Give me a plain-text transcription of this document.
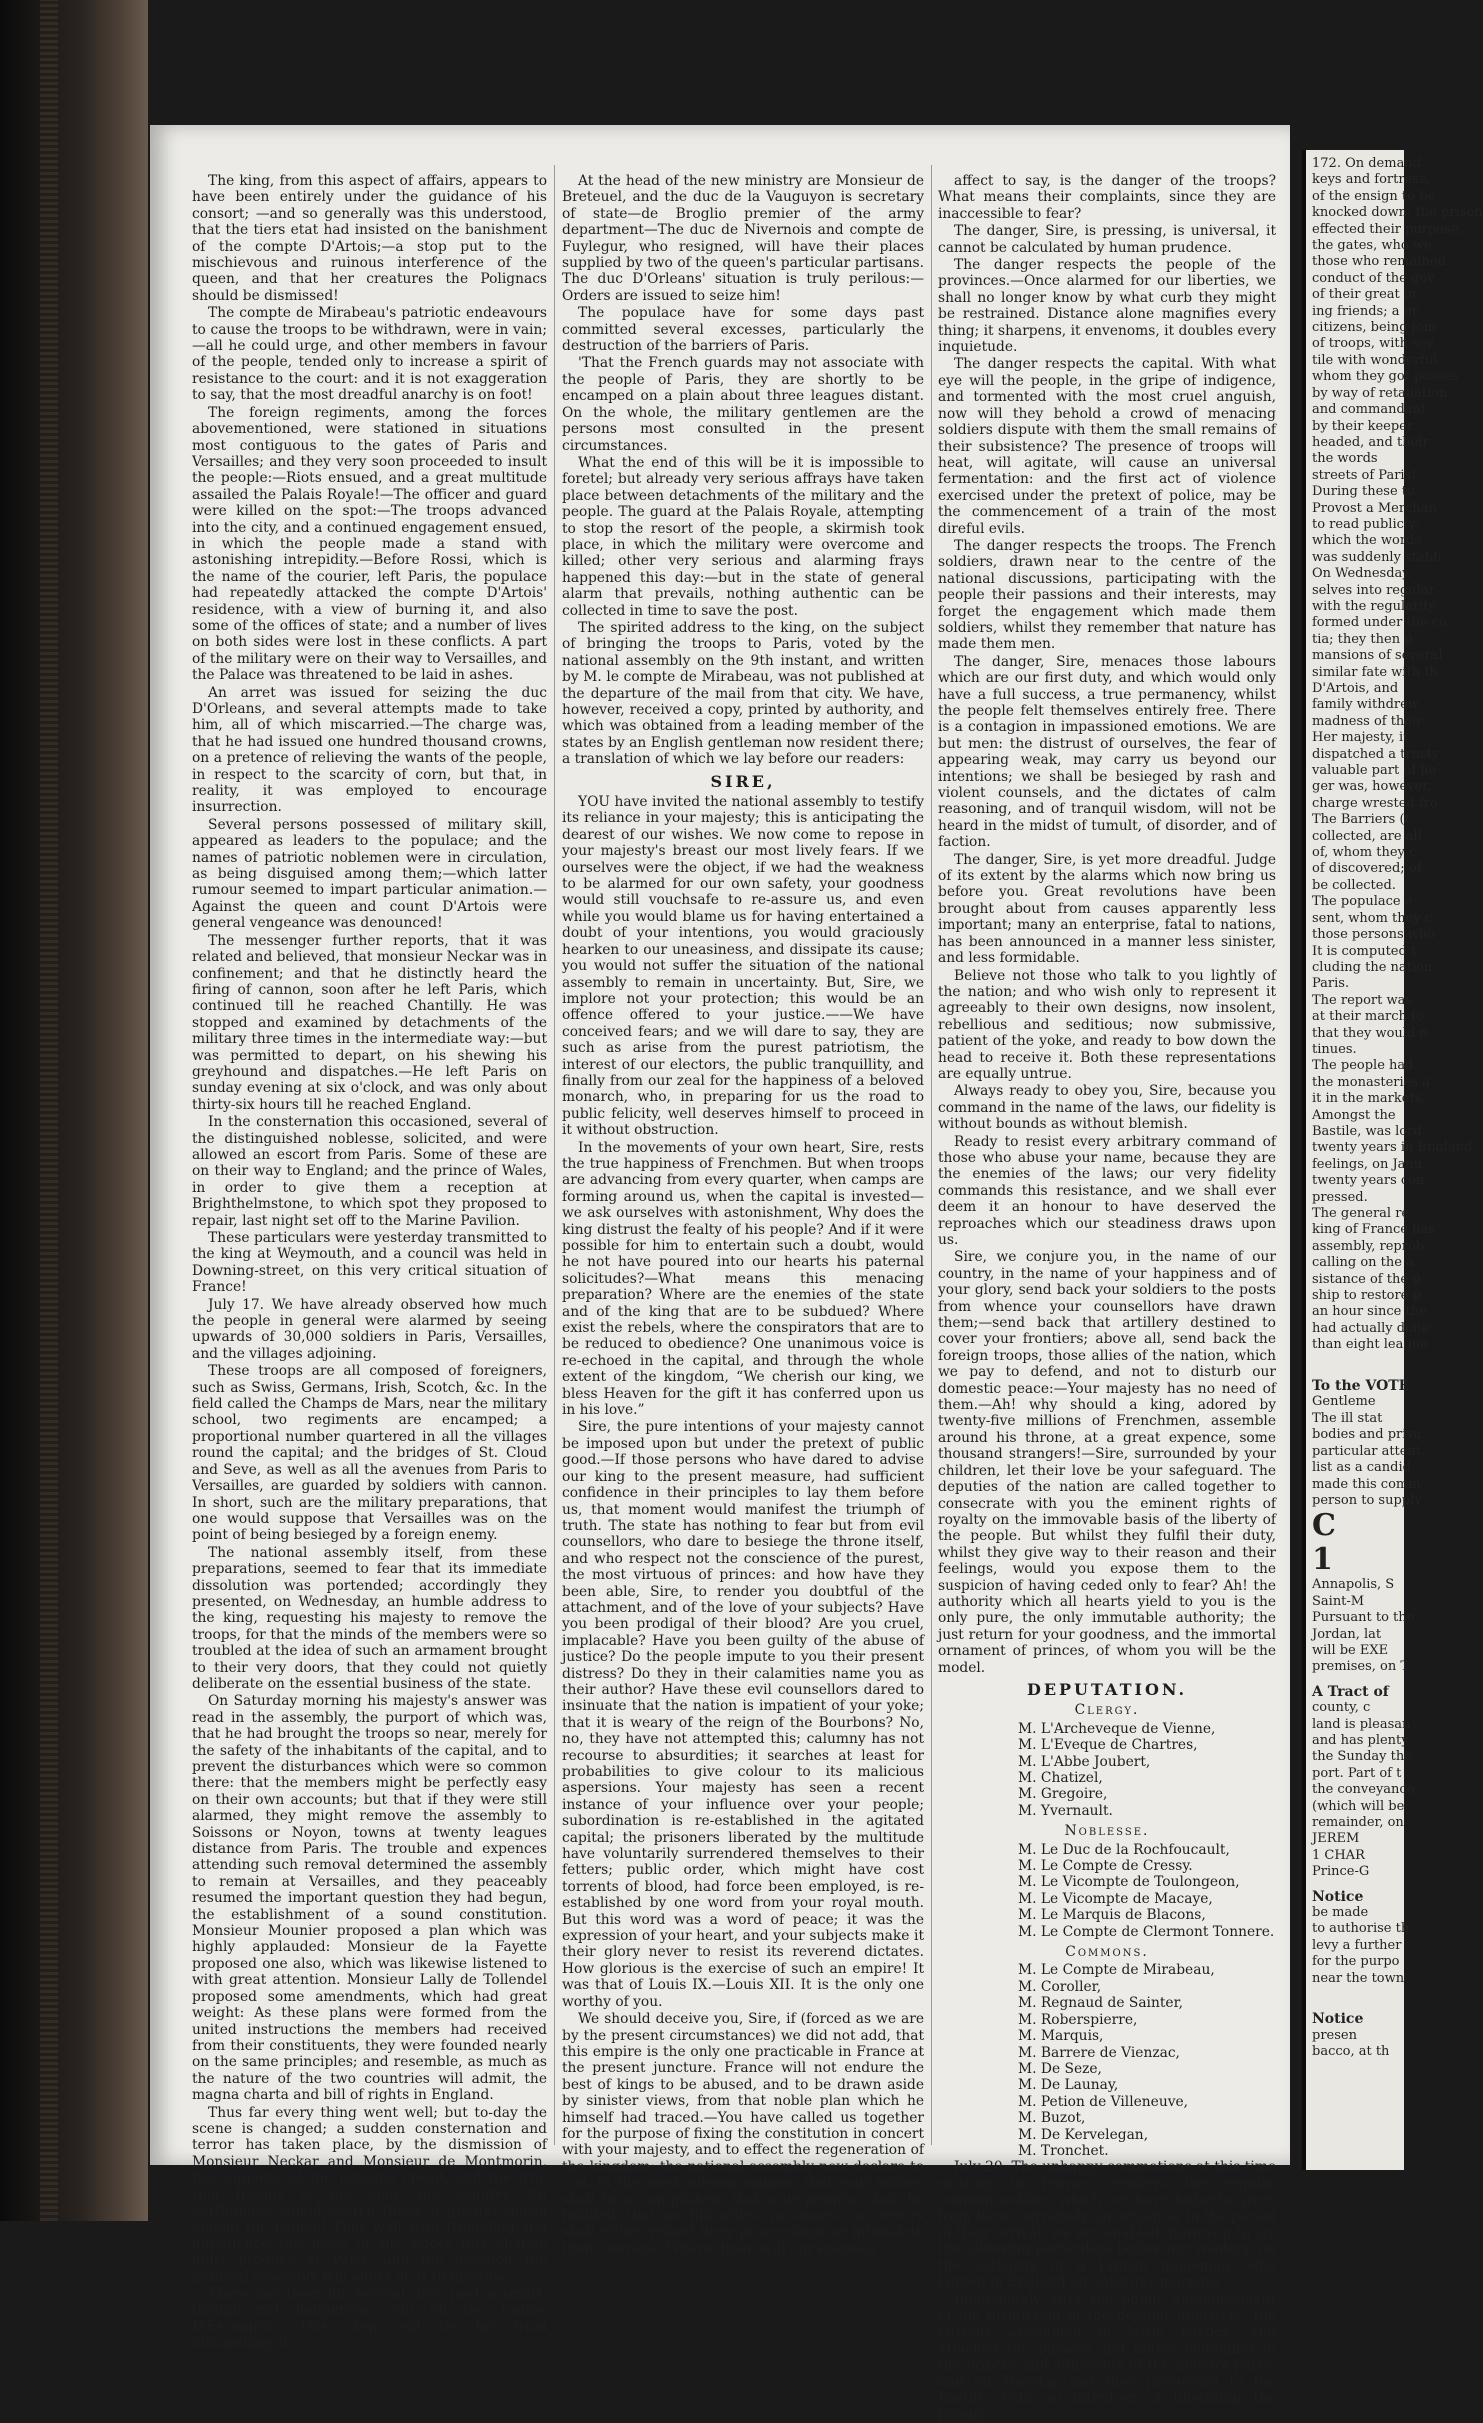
The king, from this aspect of affairs, appears to have been entirely under the guidance of his consort; —and so generally was this understood, that the tiers etat had insisted on the banishment of the compte D'Artois;—a stop put to the mischievous and ruinous interference of the queen, and that her creatures the Polignacs should be dismissed!

The compte de Mirabeau's patriotic endeavours to cause the troops to be withdrawn, were in vain;—all he could urge, and other members in favour of the people, tended only to increase a spirit of resistance to the court: and it is not exaggeration to say, that the most dreadful anarchy is on foot!

The foreign regiments, among the forces abovementioned, were stationed in situations most contiguous to the gates of Paris and Versailles; and they very soon proceeded to insult the people:—Riots ensued, and a great multitude assailed the Palais Royale!—The officer and guard were killed on the spot:—The troops advanced into the city, and a continued engagement ensued, in which the people made a stand with astonishing intrepidity.—Before Rossi, which is the name of the courier, left Paris, the populace had repeatedly attacked the compte D'Artois' residence, with a view of burning it, and also some of the offices of state; and a number of lives on both sides were lost in these conflicts. A part of the military were on their way to Versailles, and the Palace was threatened to be laid in ashes.

An arret was issued for seizing the duc D'Orleans, and several attempts made to take him, all of which miscarried.—The charge was, that he had issued one hundred thousand crowns, on a pretence of relieving the wants of the people, in respect to the scarcity of corn, but that, in reality, it was employed to encourage insurrection.

Several persons possessed of military skill, appeared as leaders to the populace; and the names of patriotic noblemen were in circulation, as being disguised among them;—which latter rumour seemed to impart particular animation.—Against the queen and count D'Artois were general vengeance was denounced!

The messenger further reports, that it was related and believed, that monsieur Neckar was in confinement; and that he distinctly heard the firing of cannon, soon after he left Paris, which continued till he reached Chantilly. He was stopped and examined by detachments of the military three times in the intermediate way:—but was permitted to depart, on his shewing his greyhound and dispatches.—He left Paris on sunday evening at six o'clock, and was only about thirty-six hours till he reached England.

In the consternation this occasioned, several of the distinguished noblesse, solicited, and were allowed an escort from Paris. Some of these are on their way to England; and the prince of Wales, in order to give them a reception at Brighthelmstone, to which spot they proposed to repair, last night set off to the Marine Pavilion.

These particulars were yesterday transmitted to the king at Weymouth, and a council was held in Downing-street, on this very critical situation of France!

July 17. We have already observed how much the people in general were alarmed by seeing upwards of 30,000 soldiers in Paris, Versailles, and the villages adjoining.

These troops are all composed of foreigners, such as Swiss, Germans, Irish, Scotch, &c. In the field called the Champs de Mars, near the military school, two regiments are encamped; a proportional number quartered in all the villages round the capital; and the bridges of St. Cloud and Seve, as well as all the avenues from Paris to Versailles, are guarded by soldiers with cannon. In short, such are the military preparations, that one would suppose that Versailles was on the point of being besieged by a foreign enemy.

The national assembly itself, from these preparations, seemed to fear that its immediate dissolution was portended; accordingly they presented, on Wednesday, an humble address to the king, requesting his majesty to remove the troops, for that the minds of the members were so troubled at the idea of such an armament brought to their very doors, that they could not quietly deliberate on the essential business of the state.

On Saturday morning his majesty's answer was read in the assembly, the purport of which was, that he had brought the troops so near, merely for the safety of the inhabitants of the capital, and to prevent the disturbances which were so common there: that the members might be perfectly easy on their own accounts; but that if they were still alarmed, they might remove the assembly to Soissons or Noyon, towns at twenty leagues distance from Paris. The trouble and expences attending such removal determined the assembly to remain at Versailles, and they peaceably resumed the important question they had begun, the establishment of a sound constitution. Monsieur Mounier proposed a plan which was highly applauded: Monsieur de la Fayette proposed one also, which was likewise listened to with great attention. Monsieur Lally de Tollendel proposed some amendments, which had great weight: As these plans were formed from the united instructions the members had received from their constituents, they were founded nearly on the same principles; and resemble, as much as the nature of the two countries will admit, the magna charta and bill of rights in England.

Thus far every thing went well; but to-day the scene is changed; a sudden consternation and terror has taken place, by the dismission of Monsieur Neckar and Monsieur de Montmorin, the supports of the national credit, and the true real friends of the king and country. An earthquake would scarce throw a greater alarm among the people! They wait with trembling and impatience the news of the effect this change must produce at Paris, and the decision the national assembly will adopt on it to-morrow.

There has been for several days past a smart, though not dangerous, run on the Caisse D'Escompte. This step will be far from diminishing it.

At the head of the new ministry are Monsieur de Breteuel, and the duc de la Vauguyon is secretary of state—de Broglio premier of the army department—The duc de Nivernois and compte de Fuylegur, who resigned, will have their places supplied by two of the queen's particular partisans. The duc D'Orleans' situation is truly perilous:—Orders are issued to seize him!

The populace have for some days past committed several excesses, particularly the destruction of the barriers of Paris.

'That the French guards may not associate with the people of Paris, they are shortly to be encamped on a plain about three leagues distant. On the whole, the military gentlemen are the persons most consulted in the present circumstances.

What the end of this will be it is impossible to foretel; but already very serious affrays have taken place between detachments of the military and the people. The guard at the Palais Royale, attempting to stop the resort of the people, a skirmish took place, in which the military were overcome and killed; other very serious and alarming frays happened this day:—but in the state of general alarm that prevails, nothing authentic can be collected in time to save the post.

The spirited address to the king, on the subject of bringing the troops to Paris, voted by the national assembly on the 9th instant, and written by M. le compte de Mirabeau, was not published at the departure of the mail from that city. We have, however, received a copy, printed by authority, and which was obtained from a leading member of the states by an English gentleman now resident there; a translation of which we lay before our readers:

SIRE,

YOU have invited the national assembly to testify its reliance in your majesty; this is anticipating the dearest of our wishes. We now come to repose in your majesty's breast our most lively fears. If we ourselves were the object, if we had the weakness to be alarmed for our own safety, your goodness would still vouchsafe to re-assure us, and even while you would blame us for having entertained a doubt of your intentions, you would graciously hearken to our uneasiness, and dissipate its cause; you would not suffer the situation of the national assembly to remain in uncertainty. But, Sire, we implore not your protection; this would be an offence offered to your justice.——We have conceived fears; and we will dare to say, they are such as arise from the purest patriotism, the interest of our electors, the public tranquillity, and finally from our zeal for the happiness of a beloved monarch, who, in preparing for us the road to public felicity, well deserves himself to proceed in it without obstruction.

In the movements of your own heart, Sire, rests the true happiness of Frenchmen. But when troops are advancing from every quarter, when camps are forming around us, when the capital is invested—we ask ourselves with astonishment, Why does the king distrust the fealty of his people? And if it were possible for him to entertain such a doubt, would he not have poured into our hearts his paternal solicitudes?—What means this menacing preparation? Where are the enemies of the state and of the king that are to be subdued? Where exist the rebels, where the conspirators that are to be reduced to obedience? One unanimous voice is re-echoed in the capital, and through the whole extent of the kingdom, “We cherish our king, we bless Heaven for the gift it has conferred upon us in his love.”

Sire, the pure intentions of your majesty cannot be imposed upon but under the pretext of public good.—If those persons who have dared to advise our king to the present measure, had sufficient confidence in their principles to lay them before us, that moment would manifest the triumph of truth. The state has nothing to fear but from evil counsellors, who dare to besiege the throne itself, and who respect not the conscience of the purest, the most virtuous of princes: and how have they been able, Sire, to render you doubtful of the attachment, and of the love of your subjects? Have you been prodigal of their blood? Are you cruel, implacable? Have you been guilty of the abuse of justice? Do the people impute to you their present distress? Do they in their calamities name you as their author? Have these evil counsellors dared to insinuate that the nation is impatient of your yoke; that it is weary of the reign of the Bourbons? No, no, they have not attempted this; calumny has not recourse to absurdities; it searches at least for probabilities to give colour to its malicious aspersions. Your majesty has seen a recent instance of your influence over your people; subordination is re-established in the agitated capital; the prisoners liberated by the multitude have voluntarily surrendered themselves to their fetters; public order, which might have cost torrents of blood, had force been employed, is re-established by one word from your royal mouth. But this word was a word of peace; it was the expression of your heart, and your subjects make it their glory never to resist its reverend dictates. How glorious is the exercise of such an empire! It was that of Louis IX.—Louis XII. It is the only one worthy of you.

We should deceive you, Sire, if (forced as we are by the present circumstances) we did not add, that this empire is the only one practicable in France at the present juncture. France will not endure the best of kings to be abused, and to be drawn aside by sinister views, from that noble plan which he himself had traced.—You have called us together for the purpose of fixing the constitution in concert with your majesty, and to effect the regeneration of the kingdom: the national assembly now declare to you, in the most solemn manner, that your wishes shall be accomplished, that your promise shall be fulfilled; that no difficulties, no snares, no terrors shall either retard their proceedings or intimidate their courage. Where, then, will our enemies

affect to say, is the danger of the troops? What means their complaints, since they are inaccessible to fear?

The danger, Sire, is pressing, is universal, it cannot be calculated by human prudence.

The danger respects the people of the provinces.—Once alarmed for our liberties, we shall no longer know by what curb they might be restrained. Distance alone magnifies every thing; it sharpens, it envenoms, it doubles every inquietude.

The danger respects the capital. With what eye will the people, in the gripe of indigence, and tormented with the most cruel anguish, now will they behold a crowd of menacing soldiers dispute with them the small remains of their subsistence? The presence of troops will heat, will agitate, will cause an universal fermentation: and the first act of violence exercised under the pretext of police, may be the commencement of a train of the most direful evils.

The danger respects the troops. The French soldiers, drawn near to the centre of the national discussions, participating with the people their passions and their interests, may forget the engagement which made them soldiers, whilst they remember that nature has made them men.

The danger, Sire, menaces those labours which are our first duty, and which would only have a full success, a true permanency, whilst the people felt themselves entirely free. There is a contagion in impassioned emotions. We are but men: the distrust of ourselves, the fear of appearing weak, may carry us beyond our intentions; we shall be besieged by rash and violent counsels, and the dictates of calm reasoning, and of tranquil wisdom, will not be heard in the midst of tumult, of disorder, and of faction.

The danger, Sire, is yet more dreadful. Judge of its extent by the alarms which now bring us before you. Great revolutions have been brought about from causes apparently less important; many an enterprise, fatal to nations, has been announced in a manner less sinister, and less formidable.

Believe not those who talk to you lightly of the nation; and who wish only to represent it agreeably to their own designs, now insolent, rebellious and seditious; now submissive, patient of the yoke, and ready to bow down the head to receive it. Both these representations are equally untrue.

Always ready to obey you, Sire, because you command in the name of the laws, our fidelity is without bounds as without blemish.

Ready to resist every arbitrary command of those who abuse your name, because they are the enemies of the laws; our very fidelity commands this resistance, and we shall ever deem it an honour to have deserved the reproaches which our steadiness draws upon us.

Sire, we conjure you, in the name of our country, in the name of your happiness and of your glory, send back your soldiers to the posts from whence your counsellors have drawn them;—send back that artillery destined to cover your frontiers; above all, send back the foreign troops, those allies of the nation, which we pay to defend, and not to disturb our domestic peace:—Your majesty has no need of them.—Ah! why should a king, adored by twenty-five millions of Frenchmen, assemble around his throne, at a great expence, some thousand strangers!—Sire, surrounded by your children, let their love be your safeguard. The deputies of the nation are called together to consecrate with you the eminent rights of royalty on the immovable basis of the liberty of the people. But whilst they fulfil their duty, whilst they give way to their reason and their feelings, would you expose them to the suspicion of having ceded only to fear? Ah! the authority which all hearts yield to you is the only pure, the only immutable authority; the just return for your goodness, and the immortal ornament of princes, of whom you will be the model.

DEPUTATION.

Clergy.

M. L'Archeveque de Vienne,

M. L'Eveque de Chartres,

M. L'Abbe Joubert,

M. Chatizel,

M. Gregoire,

M. Yvernault.

Noblesse.

M. Le Duc de la Rochfoucault,

M. Le Compte de Cressy.

M. Le Vicompte de Toulongeon,

M. Le Vicompte de Macaye,

M. Le Marquis de Blacons,

M. Le Compte de Clermont Tonnere.

Commons.

M. Le Compte de Mirabeau,

M. Coroller,

M. Regnaud de Sainter,

M. Roberspierre,

M. Marquis,

M. Barrere de Vienzac,

M. De Seze,

M. De Launay,

M. Petion de Villeneuve,

M. Buzot,

M. De Kervelegan,

M. Tronchet.

July 20. The unhappy commotions at this time existing in France, renders the regular communications which we have hitherto given from Paris, extremely uncertain as to the period of their arrival; we are enabled, however, to lay the following particulars before our readers, on the authority of a French nobleman, who landed in England on Saturday morning.

Immediately after the public announcement of the dismission of the popular ministers, the citizens assembled in large parties, and attacked the palaces and hotels belonging to the princes and adherents of the queen's party; and on Tuesday last they proceeded to the Bastile, with an intention of liberating the prison-

172. On demand

keys and fortress,

of the ensign to be

knocked down; the prison

effected their purpose,

the gates, who we

those who remained

conduct of the gov

of their great in

ing friends; a gr

citizens, being join

of troops, with sev

tile with wonderful

whom they got posses

by way of retaliation

and commandant

by their keeper

headed, and their

the words

streets of Paris!

During these tu

Provost a Merchan

to read publicly;

which the words

was suddenly stabb

On Wednesday,

selves into regular

with the regularity

formed under the co

tia; they then p

mansions of several

similar fate with th

D'Artois, and

family withdrew

madness of their

Her majesty, it

dispatched a trusty

valuable part of he

ger was, however,

charge wrested fro

The Barriers (t

collected, are all

of, whom they c

of discovered; of

be collected.

The populace e

sent, whom they c

those persons who

It is computed t

cluding the nation

Paris.

The report was

at their march fo

that they would n

tinues.

The people had

the monasteries a

it in the markets,

Amongst the

Bastile, was lord

twenty years in England

feelings, on Janu

twenty years con

pressed.

The general re

king of France has

assembly, reprob

calling on the a

sistance of the p

ship to restore p

an hour since the

had actually done

than eight league

To the VOTE

Gentleme

The ill stat

bodies and priva

particular attent

list as a candid

made this comm

person to supply

C

1

Annapolis, S

Saint-M

Pursuant to the

Jordan, lat

will be EXE

premises, on T

A Tract of

county, c

land is pleasan

and has plenty

the Sunday the

port. Part of t

the conveyance

(which will be

remainder, on

JEREM

1 CHAR

Prince-G

Notice

be made

to authorise th

levy a further

for the purpo

near the town

Notice

presen

bacco, at th
